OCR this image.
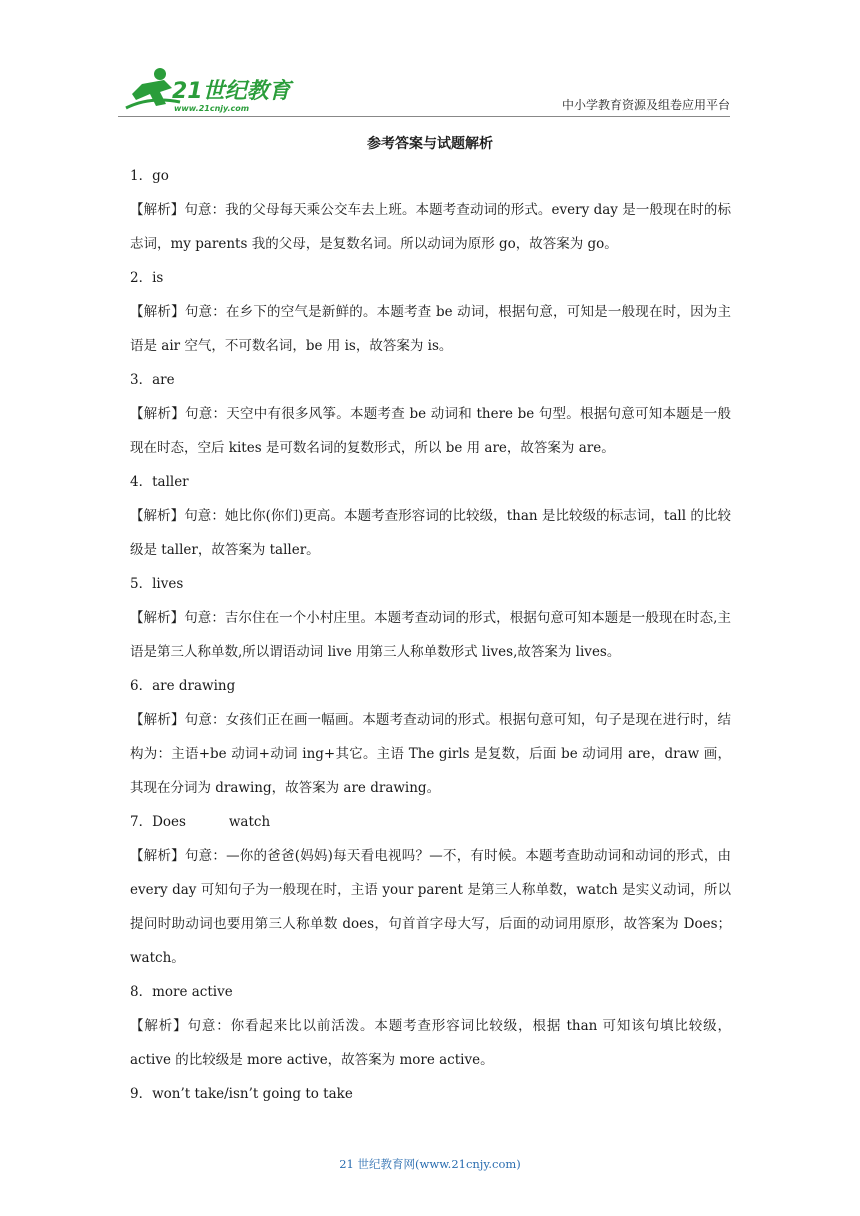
21世纪教育
www.21cnjy.com	中小学教育资源及组卷应用平台
参考答案与试题解析
1．go
【解析】句意：我的父母每天乘公交车去上班。本题考查动词的形式。every day 是一般现在时的标志词，my parents 我的父母，是复数名词。所以动词为原形 go，故答案为 go。
2．is
【解析】句意：在乡下的空气是新鲜的。本题考查 be 动词，根据句意，可知是一般现在时，因为主语是 air 空气，不可数名词，be 用 is，故答案为 is。
3．are
【解析】句意：天空中有很多风筝。本题考查 be 动词和 there be 句型。根据句意可知本题是一般现在时态，空后 kites 是可数名词的复数形式，所以 be 用 are，故答案为 are。
4．taller
【解析】句意：她比你(你们)更高。本题考查形容词的比较级，than 是比较级的标志词，tall 的比较级是 taller，故答案为 taller。
5．lives
【解析】句意：吉尔住在一个小村庄里。本题考查动词的形式，根据句意可知本题是一般现在时态,主语是第三人称单数,所以谓语动词 live 用第三人称单数形式 lives,故答案为 lives。
6．are drawing
【解析】句意：女孩们正在画一幅画。本题考查动词的形式。根据句意可知，句子是现在进行时，结构为：主语+be 动词+动词 ing+其它。主语 The girls 是复数，后面 be 动词用 are，draw 画，其现在分词为 drawing，故答案为 are drawing。
7．Does          watch
【解析】句意：—你的爸爸(妈妈)每天看电视吗？—不，有时候。本题考查助动词和动词的形式，由 every day 可知句子为一般现在时，主语 your parent 是第三人称单数，watch 是实义动词，所以提问时助动词也要用第三人称单数 does，句首首字母大写，后面的动词用原形，故答案为 Does；watch。
8．more active
【解析】句意：你看起来比以前活泼。本题考查形容词比较级，根据 than 可知该句填比较级，active 的比较级是 more active，故答案为 more active。
9．won’t take/isn’t going to take
21 世纪教育网(www.21cnjy.com)
